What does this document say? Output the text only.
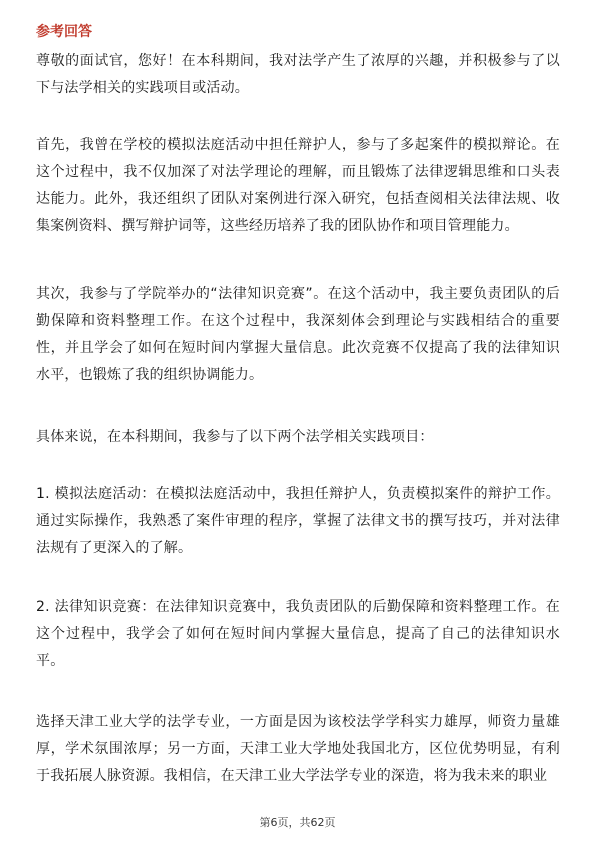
参考回答

尊敬的面试官，您好！在本科期间，我对法学产生了浓厚的兴趣，并积极参与了以下与法学相关的实践项目或活动。

首先，我曾在学校的模拟法庭活动中担任辩护人，参与了多起案件的模拟辩论。在这个过程中，我不仅加深了对法学理论的理解，而且锻炼了法律逻辑思维和口头表达能力。此外，我还组织了团队对案例进行深入研究，包括查阅相关法律法规、收集案例资料、撰写辩护词等，这些经历培养了我的团队协作和项目管理能力。

其次，我参与了学院举办的“法律知识竞赛”。在这个活动中，我主要负责团队的后勤保障和资料整理工作。在这个过程中，我深刻体会到理论与实践相结合的重要性，并且学会了如何在短时间内掌握大量信息。此次竞赛不仅提高了我的法律知识水平，也锻炼了我的组织协调能力。

具体来说，在本科期间，我参与了以下两个法学相关实践项目：

1. 模拟法庭活动：在模拟法庭活动中，我担任辩护人，负责模拟案件的辩护工作。通过实际操作，我熟悉了案件审理的程序，掌握了法律文书的撰写技巧，并对法律法规有了更深入的了解。

2. 法律知识竞赛：在法律知识竞赛中，我负责团队的后勤保障和资料整理工作。在这个过程中，我学会了如何在短时间内掌握大量信息，提高了自己的法律知识水平。

选择天津工业大学的法学专业，一方面是因为该校法学学科实力雄厚，师资力量雄厚，学术氛围浓厚；另一方面，天津工业大学地处我国北方，区位优势明显，有利于我拓展人脉资源。我相信，在天津工业大学法学专业的深造，将为我未来的职业

第6页，共62页
